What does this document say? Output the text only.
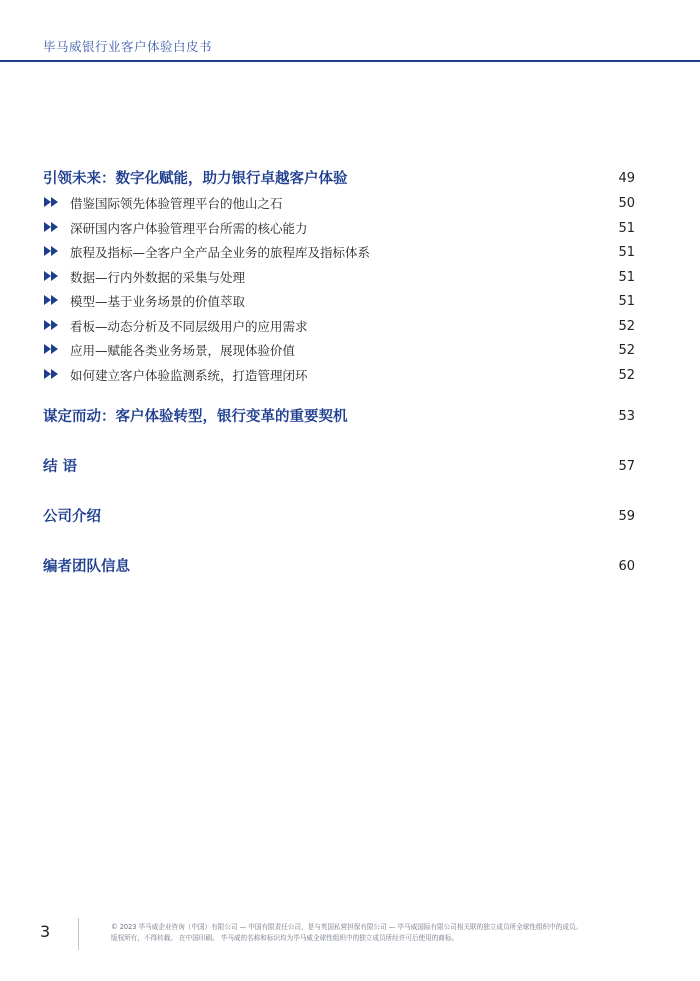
毕马威银行业客户体验白皮书
引领未来：数字化赋能，助力银行卓越客户体验	49
借鉴国际领先体验管理平台的他山之石	50
深研国内客户体验管理平台所需的核心能力	51
旅程及指标—全客户全产品全业务的旅程库及指标体系	51
数据—行内外数据的采集与处理	51
模型—基于业务场景的价值萃取	51
看板—动态分析及不同层级用户的应用需求	52
应用—赋能各类业务场景，展现体验价值	52
如何建立客户体验监测系统，打造管理闭环	52
谋定而动：客户体验转型，银行变革的重要契机	53
结 语	57
公司介绍	59
编者团队信息	60
3	© 2023 毕马威企业咨询（中国）有限公司 — 中国有限责任公司，是与英国私营担保有限公司 — 毕马威国际有限公司相关联的独立成员所全球性组织中的成员。
版权所有，不得转载。 在中国印刷。 毕马威的名称和标识均为毕马威全球性组织中的独立成员所经许可后使用的商标。
